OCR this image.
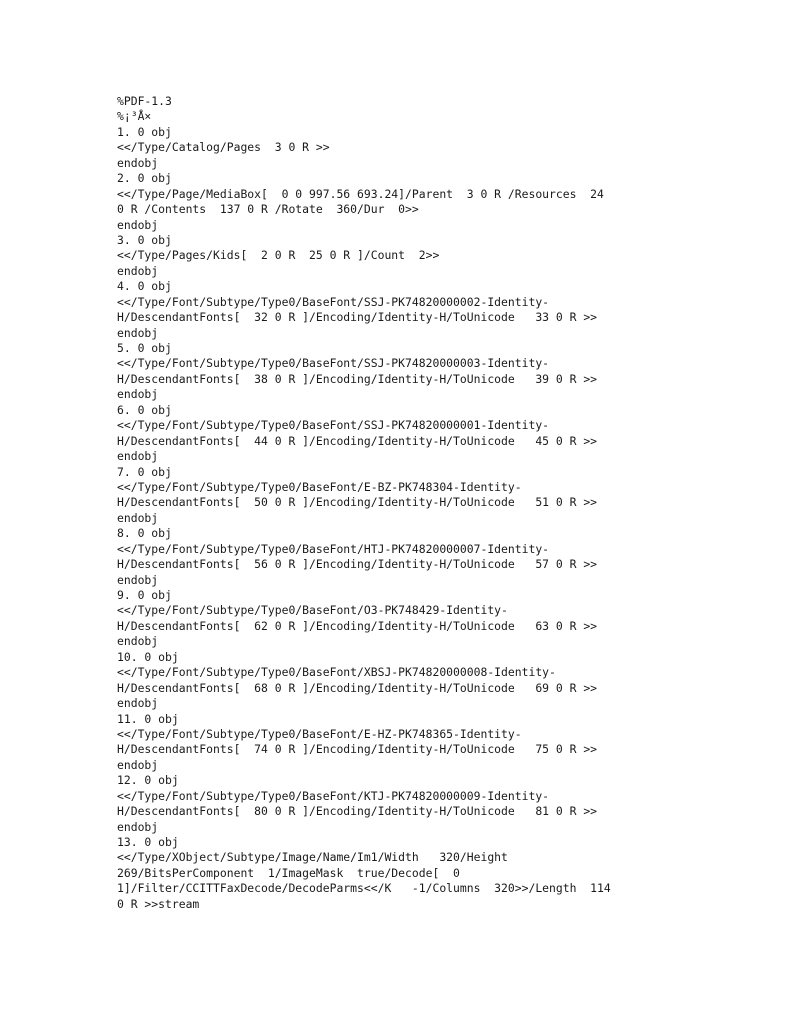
%PDF-1.3
%¡³Å×
1. 0 obj
<</Type/Catalog/Pages  3 0 R >>
endobj
2. 0 obj
<</Type/Page/MediaBox[  0 0 997.56 693.24]/Parent  3 0 R /Resources  24
0 R /Contents  137 0 R /Rotate  360/Dur  0>>
endobj
3. 0 obj
<</Type/Pages/Kids[  2 0 R  25 0 R ]/Count  2>>
endobj
4. 0 obj
<</Type/Font/Subtype/Type0/BaseFont/SSJ-PK74820000002-Identity-
H/DescendantFonts[  32 0 R ]/Encoding/Identity-H/ToUnicode   33 0 R >>
endobj
5. 0 obj
<</Type/Font/Subtype/Type0/BaseFont/SSJ-PK74820000003-Identity-
H/DescendantFonts[  38 0 R ]/Encoding/Identity-H/ToUnicode   39 0 R >>
endobj
6. 0 obj
<</Type/Font/Subtype/Type0/BaseFont/SSJ-PK74820000001-Identity-
H/DescendantFonts[  44 0 R ]/Encoding/Identity-H/ToUnicode   45 0 R >>
endobj
7. 0 obj
<</Type/Font/Subtype/Type0/BaseFont/E-BZ-PK748304-Identity-
H/DescendantFonts[  50 0 R ]/Encoding/Identity-H/ToUnicode   51 0 R >>
endobj
8. 0 obj
<</Type/Font/Subtype/Type0/BaseFont/HTJ-PK74820000007-Identity-
H/DescendantFonts[  56 0 R ]/Encoding/Identity-H/ToUnicode   57 0 R >>
endobj
9. 0 obj
<</Type/Font/Subtype/Type0/BaseFont/O3-PK748429-Identity-
H/DescendantFonts[  62 0 R ]/Encoding/Identity-H/ToUnicode   63 0 R >>
endobj
10. 0 obj
<</Type/Font/Subtype/Type0/BaseFont/XBSJ-PK74820000008-Identity-
H/DescendantFonts[  68 0 R ]/Encoding/Identity-H/ToUnicode   69 0 R >>
endobj
11. 0 obj
<</Type/Font/Subtype/Type0/BaseFont/E-HZ-PK748365-Identity-
H/DescendantFonts[  74 0 R ]/Encoding/Identity-H/ToUnicode   75 0 R >>
endobj
12. 0 obj
<</Type/Font/Subtype/Type0/BaseFont/KTJ-PK74820000009-Identity-
H/DescendantFonts[  80 0 R ]/Encoding/Identity-H/ToUnicode   81 0 R >>
endobj
13. 0 obj
<</Type/XObject/Subtype/Image/Name/Im1/Width   320/Height
269/BitsPerComponent  1/ImageMask  true/Decode[  0
1]/Filter/CCITTFaxDecode/DecodeParms<</K   -1/Columns  320>>/Length  114
0 R >>stream
